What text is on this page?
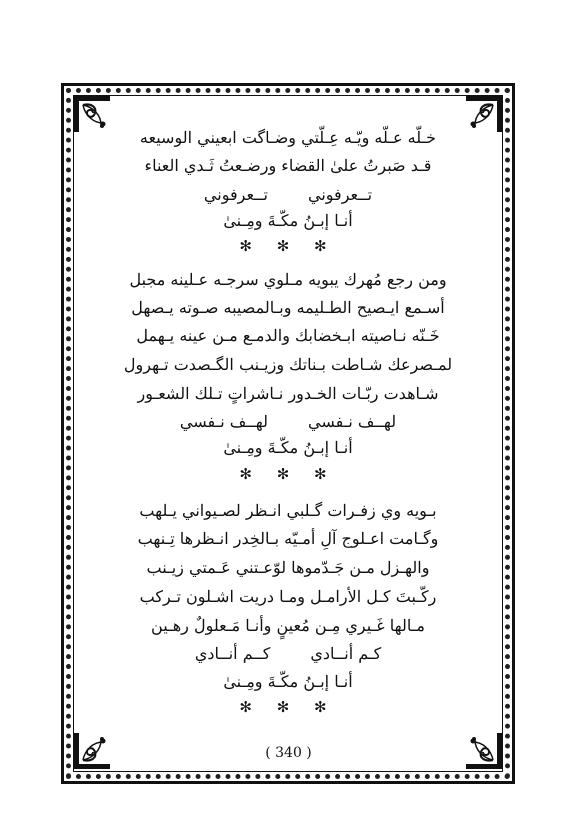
خـلّه عـلّه ويّـه عِـلّتي وضـاگت ابعيني الوسيعه
قـد صَبرتُ علىٰ القضاء ورضـعتُ ثَـدي العناء
تــعرفوني
تــعرفوني
أنـا إبـنُ مكّـةَ ومِـنىٰ
✻ ✻ ✻
ومن رجع مُهرك يبويه مـلوي سرجـه عـلينه مجبل
أسـمع ايـصيح الطـليمه وبـالمصيبه صـوته يـصهل
خَـنّه نـاصيته ابـخضابك والدمـع مـن عينه يـهمل
لمـصرعك شـاطت بـناتك وزيـنب الگـصدت تـهرول
شـاهدت ربّـات الخـدور نـاشراتٍ تـلك الشعـور
لهــف نـفسي
لهــف نـفسي
أنـا إبـنُ مكّـةَ ومِـنىٰ
✻ ✻ ✻
بـويه وي زفـرات گـلبي انـظر لصـيواني يـلهب
وگـامت اعـلوج آلِ أمـيّه بـالخِدر انـظرها تِـنهب
والهـزل مـن جَـدّموها لوّعـتني عَـمتي زيـنب
ركّـبتَ كـل الأرامـل ومـا دريت اشـلون تـركب
مـالها غَـيري مِـن مُعينٍ وأنـا مَـعلولٌ رهـين
كـم أنــادي
كــم أنــادي
أنـا إبـنُ مكّـةَ ومِـنىٰ
✻ ✻ ✻
( 340 )
